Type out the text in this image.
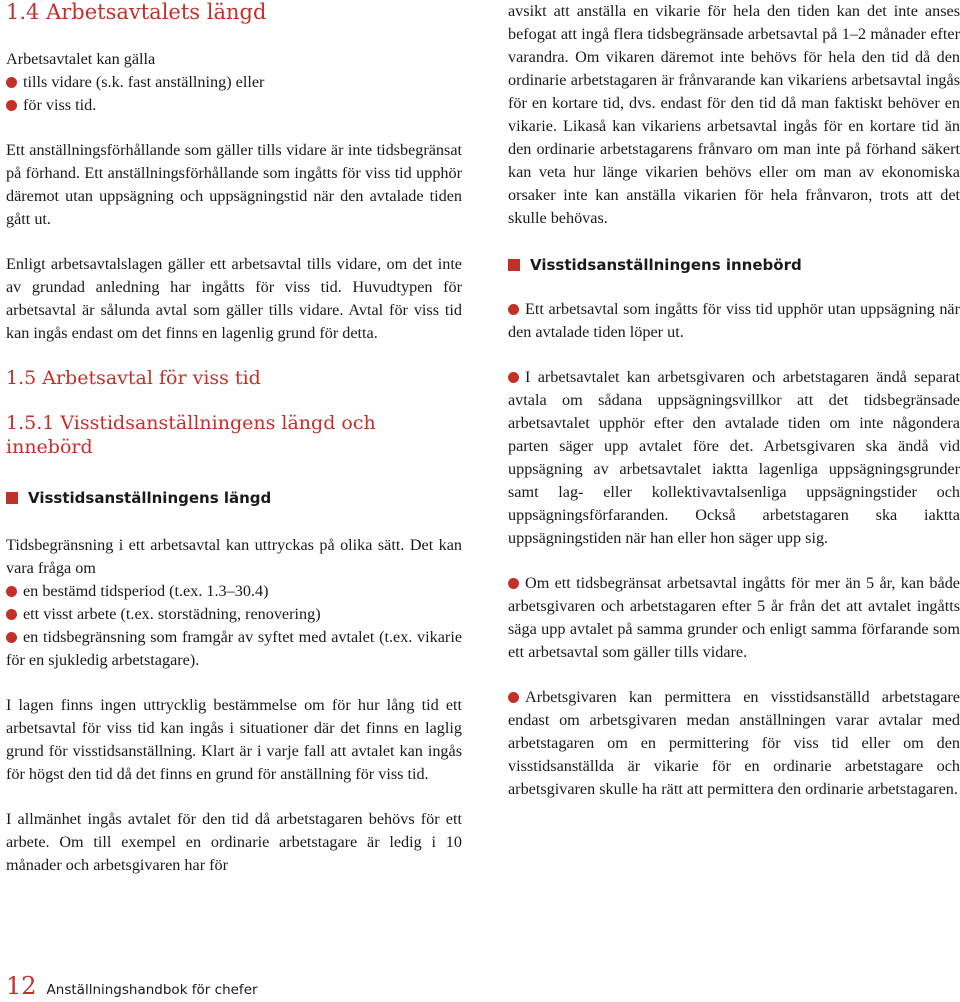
1.4 Arbetsavtalets längd

Arbetsavtalet kan gälla

tills vidare (s.k. fast anställning) eller
för viss tid.

Ett anställningsförhållande som gäller tills vidare är inte tidsbegränsat på förhand. Ett anställningsförhållande som ingåtts för viss tid upphör däremot utan uppsägning och uppsägningstid när den avtalade tiden gått ut.

Enligt arbetsavtalslagen gäller ett arbetsavtal tills vidare, om det inte av grundad anledning har ingåtts för viss tid. Huvudtypen för arbetsavtal är sålunda avtal som gäller tills vidare. Avtal för viss tid kan ingås endast om det finns en lagenlig grund för detta.

1.5 Arbetsavtal för viss tid
1.5.1 Visstidsanställningens längd och innebörd
Visstidsanställningens längd

Tidsbegränsning i ett arbetsavtal kan uttryckas på olika sätt. Det kan vara fråga om

en bestämd tidsperiod (t.ex. 1.3–30.4)
ett visst arbete (t.ex. storstädning, renovering)
en tidsbegränsning som framgår av syftet med avtalet (t.ex. vikarie för en sjukledig arbetstagare).

I lagen finns ingen uttrycklig bestämmelse om för hur lång tid ett arbetsavtal för viss tid kan ingås i situationer där det finns en laglig grund för visstidsanställning. Klart är i varje fall att avtalet kan ingås för högst den tid då det finns en grund för anställning för viss tid.

I allmänhet ingås avtalet för den tid då arbetstagaren behövs för ett arbete. Om till exempel en ordinarie arbetstagare är ledig i 10 månader och arbetsgivaren har för

avsikt att anställa en vikarie för hela den tiden kan det inte anses befogat att ingå flera tidsbegränsade arbetsavtal på 1–2 månader efter varandra. Om vikaren däremot inte behövs för hela den tid då den ordinarie arbetstagaren är frånvarande kan vikariens arbetsavtal ingås för en kortare tid, dvs. endast för den tid då man faktiskt behöver en vikarie. Likaså kan vikariens arbetsavtal ingås för en kortare tid än den ordinarie arbetstagarens frånvaro om man inte på förhand säkert kan veta hur länge vikarien behövs eller om man av ekonomiska orsaker inte kan anställa vikarien för hela frånvaron, trots att det skulle behövas.

Visstidsanställningens innebörd

Ett arbetsavtal som ingåtts för viss tid upphör utan uppsägning när den avtalade tiden löper ut.

I arbetsavtalet kan arbetsgivaren och arbetstagaren ändå separat avtala om sådana uppsägningsvillkor att det tidsbegränsade arbetsavtalet upphör efter den avtalade tiden om inte någondera parten säger upp avtalet före det. Arbetsgivaren ska ändå vid uppsägning av arbetsavtalet iaktta lagenliga uppsägningsgrunder samt lag- eller kollektivavtalsenliga uppsägningstider och uppsägningsförfaranden. Också arbetstagaren ska iaktta uppsägningstiden när han eller hon säger upp sig.

Om ett tidsbegränsat arbetsavtal ingåtts för mer än 5 år, kan både arbetsgivaren och arbetstagaren efter 5 år från det att avtalet ingåtts säga upp avtalet på samma grunder och enligt samma förfarande som ett arbetsavtal som gäller tills vidare.

Arbetsgivaren kan permittera en visstidsanställd arbetstagare endast om arbetsgivaren medan anställningen varar avtalar med arbetstagaren om en permittering för viss tid eller om den visstidsanställda är vikarie för en ordinarie arbetstagare och arbetsgivaren skulle ha rätt att permittera den ordinarie arbetstagaren.

12 Anställningshandbok för chefer
